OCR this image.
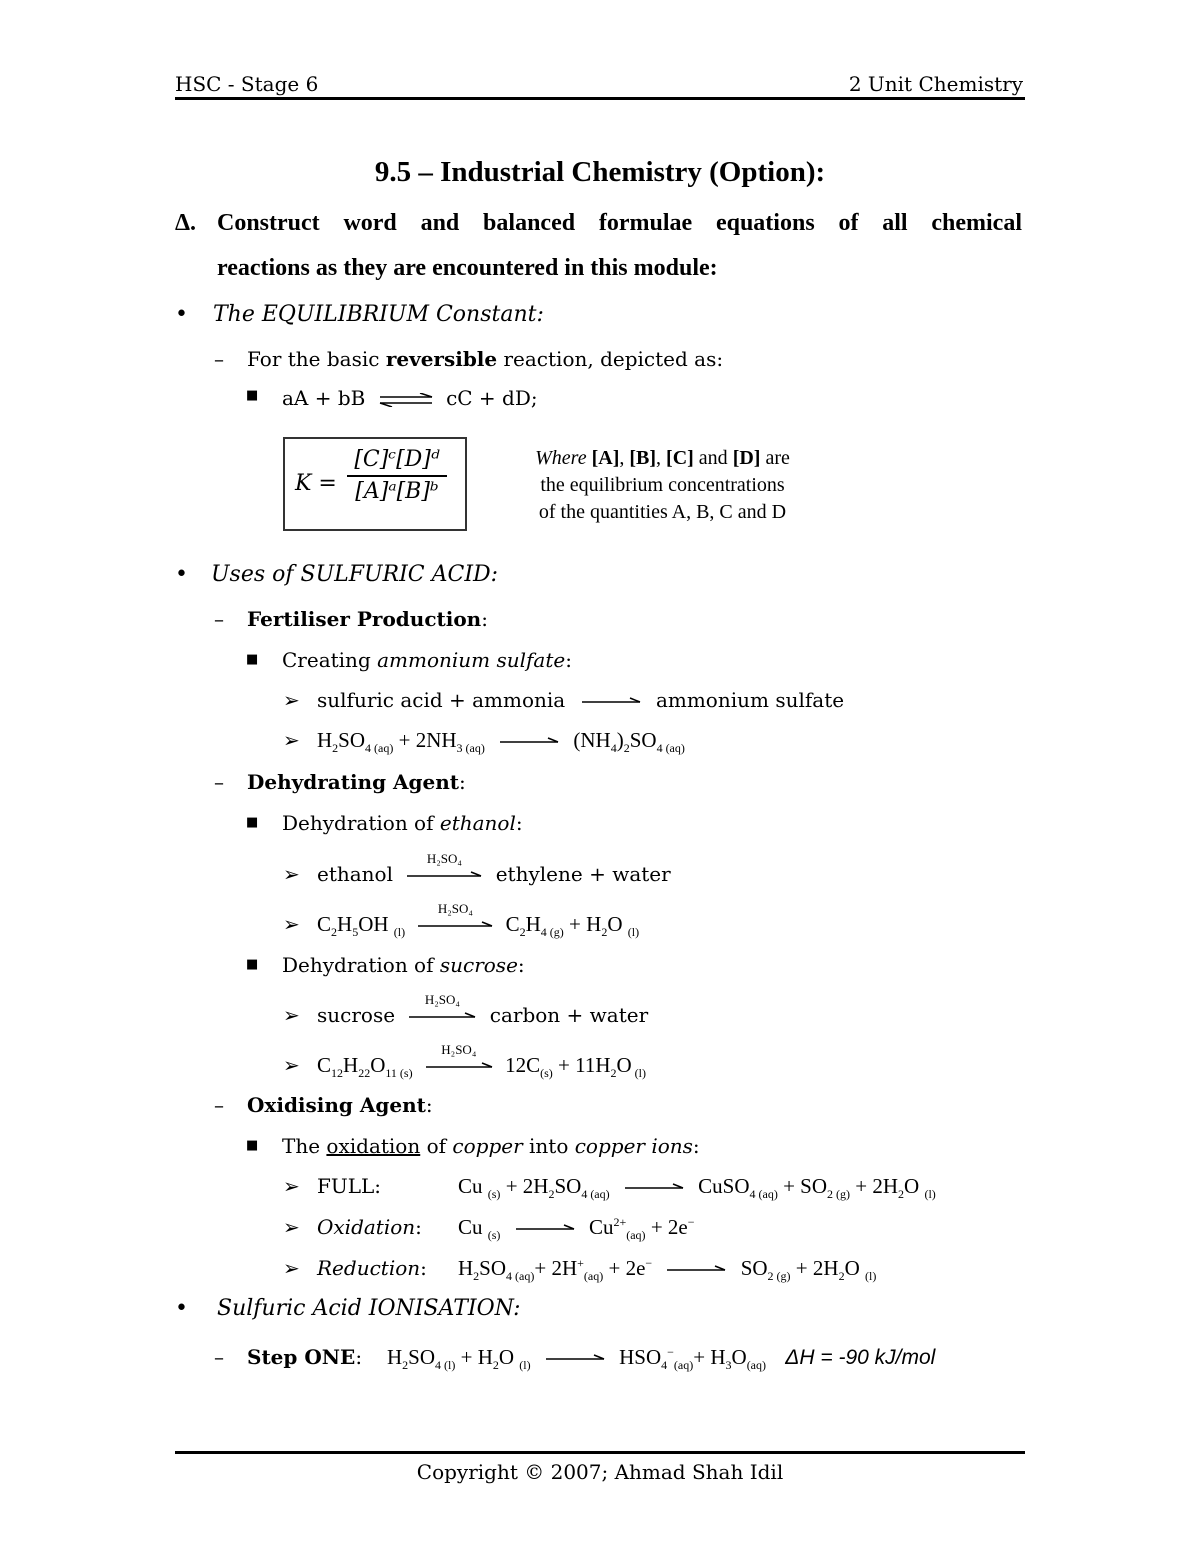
HSC - Stage 6	2 Unit Chemistry
9.5 – Industrial Chemistry (Option):
Δ. Construct word and balanced formulae equations of all chemical
reactions as they are encountered in this module:
• The EQUILIBRIUM Constant:
– For the basic reversible reaction, depicted as:
■ aA + bB ⇌ cC + dD;
$K = \frac{\text{[C]ᶜ[D]ᵈ}}{\text{[A]ᵃ[B]ᵇ}}$	Where [A], [B], [C] and [D] are
the equilibrium concentrations
of the quantities A, B, C and D
• Uses of SULFURIC ACID:
– Fertiliser Production:
■ Creating ammonium sulfate:
➢ sulfuric acid + ammonia → ammonium sulfate
➢ $H_2SO_{4 (aq)} + 2NH_{3 (aq)} \to (NH_4)_2SO_{4 (aq)}$
– Dehydrating Agent:
■ Dehydration of ethanol:
➢ ethanol
H₂SO₄
ethylene + water
➢ $C_2H_5OH$ $_{(l)}$
H₂SO₄
$C_2H_{4 (g)} + H_2O$ $_{(l)}$
■ Dehydration of sucrose:
➢ sucrose
H₂SO₄
carbon + water
➢ $C_{12}H_{22}O_{11 (s)}$
H₂SO₄
$12C_{(s)} + 11H_2O$ $_{(l)}$
– Oxidising Agent:
■ The oxidation of copper into copper ions:
➢ FULL:	Cu $_{(s)} + 2H_2SO_{4 (aq)}$ → CuSO$_{4 (aq)}$ + $SO_{2 (g)} + 2H_2O$ $_{(l)}$
➢ Oxidation: Cu $_{(s)} \to Cu^{2+}_{(aq)} + 2e^-$
➢ Reduction: $H_2SO_{4 (aq)}+ 2H^+_{(aq)} + 2e^- \to SO_{2 (g)} + 2H_2O$ $_{(l)}$
• Sulfuric Acid IONISATION:
– Step ONE: $H_2SO_{4 (l)} + H_2O$ $_{(l)} \to HSO_4^-_{(aq)}+ H_3O_{(aq)}$ ΔH = -90 kJ/mol
Copyright © 2007; Ahmad Shah Idil
